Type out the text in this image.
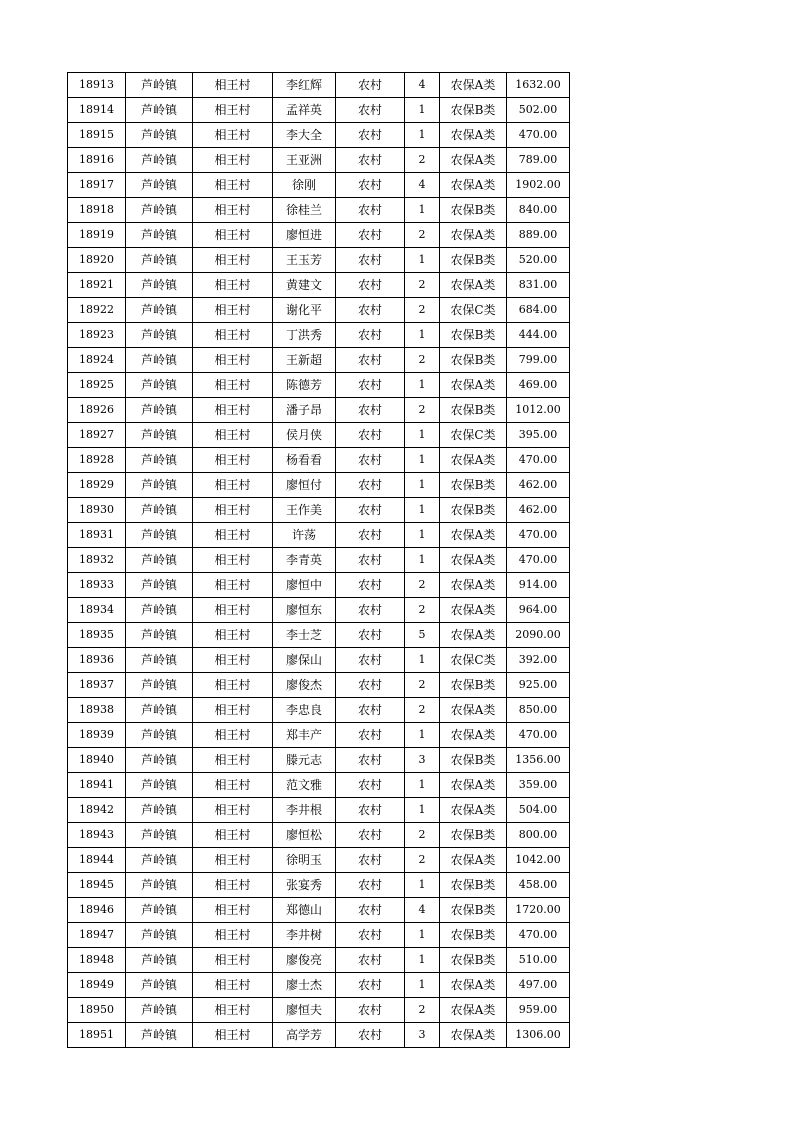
18913	芦岭镇	相王村	李红辉	农村	4	农保A类	1632.00
18914	芦岭镇	相王村	孟祥英	农村	1	农保B类	502.00
18915	芦岭镇	相王村	李大全	农村	1	农保A类	470.00
18916	芦岭镇	相王村	王亚洲	农村	2	农保A类	789.00
18917	芦岭镇	相王村	徐刚	农村	4	农保A类	1902.00
18918	芦岭镇	相王村	徐桂兰	农村	1	农保B类	840.00
18919	芦岭镇	相王村	廖恒进	农村	2	农保A类	889.00
18920	芦岭镇	相王村	王玉芳	农村	1	农保B类	520.00
18921	芦岭镇	相王村	黄建文	农村	2	农保A类	831.00
18922	芦岭镇	相王村	谢化平	农村	2	农保C类	684.00
18923	芦岭镇	相王村	丁洪秀	农村	1	农保B类	444.00
18924	芦岭镇	相王村	王新超	农村	2	农保B类	799.00
18925	芦岭镇	相王村	陈德芳	农村	1	农保A类	469.00
18926	芦岭镇	相王村	潘子昂	农村	2	农保B类	1012.00
18927	芦岭镇	相王村	侯月侠	农村	1	农保C类	395.00
18928	芦岭镇	相王村	杨看看	农村	1	农保A类	470.00
18929	芦岭镇	相王村	廖恒付	农村	1	农保B类	462.00
18930	芦岭镇	相王村	王作美	农村	1	农保B类	462.00
18931	芦岭镇	相王村	许荡	农村	1	农保A类	470.00
18932	芦岭镇	相王村	李青英	农村	1	农保A类	470.00
18933	芦岭镇	相王村	廖恒中	农村	2	农保A类	914.00
18934	芦岭镇	相王村	廖恒东	农村	2	农保A类	964.00
18935	芦岭镇	相王村	李士芝	农村	5	农保A类	2090.00
18936	芦岭镇	相王村	廖保山	农村	1	农保C类	392.00
18937	芦岭镇	相王村	廖俊杰	农村	2	农保B类	925.00
18938	芦岭镇	相王村	李忠良	农村	2	农保A类	850.00
18939	芦岭镇	相王村	郑丰产	农村	1	农保A类	470.00
18940	芦岭镇	相王村	滕元志	农村	3	农保B类	1356.00
18941	芦岭镇	相王村	范文雅	农村	1	农保A类	359.00
18942	芦岭镇	相王村	李井根	农村	1	农保A类	504.00
18943	芦岭镇	相王村	廖恒松	农村	2	农保B类	800.00
18944	芦岭镇	相王村	徐明玉	农村	2	农保A类	1042.00
18945	芦岭镇	相王村	张宴秀	农村	1	农保B类	458.00
18946	芦岭镇	相王村	郑德山	农村	4	农保B类	1720.00
18947	芦岭镇	相王村	李井树	农村	1	农保B类	470.00
18948	芦岭镇	相王村	廖俊亮	农村	1	农保B类	510.00
18949	芦岭镇	相王村	廖士杰	农村	1	农保A类	497.00
18950	芦岭镇	相王村	廖恒夫	农村	2	农保A类	959.00
18951	芦岭镇	相王村	高学芳	农村	3	农保A类	1306.00
